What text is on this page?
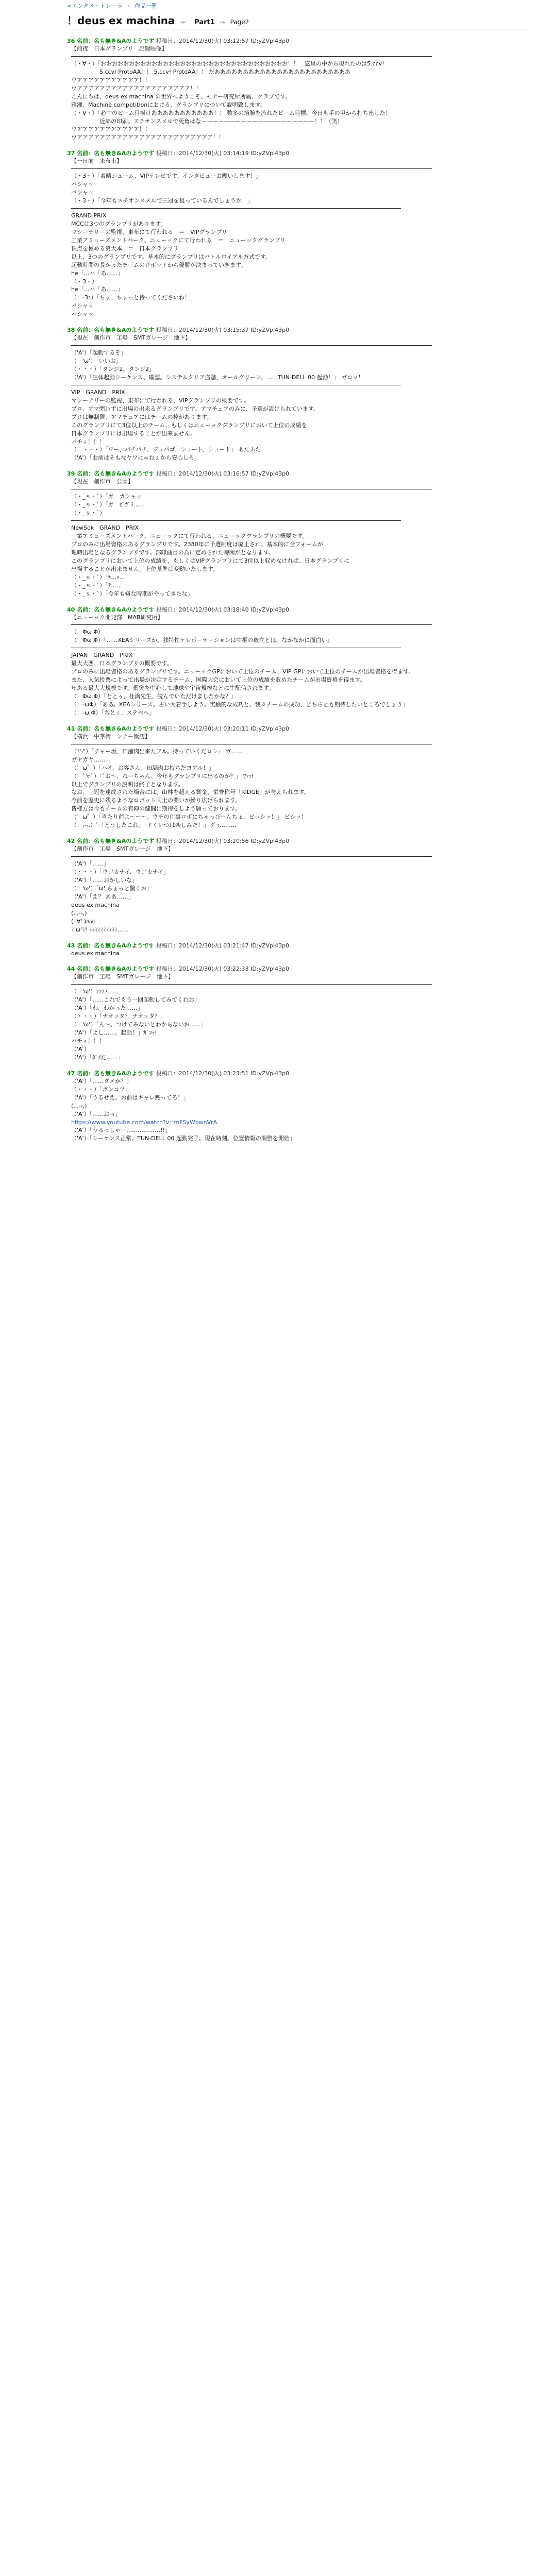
<エンタメ・トレーラ › 作品一覧
！deus ex machina → Part1 → Page2
36 名前：名も無き&Aのようです 投稿日：2014/12/30(火) 03:12:57 ID:yZVpl43p0
【前夜　日本グランプリ　記録映像】
（・∀・）「おおおおおおおおおおおおおおおおおおおおおおおおおおおおおおおおお！！　惑星の中から現れたのは5.ccv!
　　　　　5.ccv/ ProtoAA！！ 5.ccv! ProtoAA！！ だああああああああああああああああああああああああ
ウアアアアアアアアアアア！！
ウアアアアアアアアアアアアアアアアアアアア！！
こんにちは、deus ex machina の世界へようこそ。モナー研究所所属、クラブです。
雅瀬、Machine competitionにおける、グランプリについて説明致します。
（・∀・）「必中のビーム目掛けあああああああああああ！！ 数多の箔腕を流れたビーム目標、今日も手の甲から打ち出した！
　　　　　近郊の印刷。スチオンスメルで死角はな－－－－－－－－－－－－－－－－－－－－！！（笑）
ウアアアアアアアアアアア！！
ウアアアアアアアアアアアアアアアアアアアアアアアア！！
37 名前：名も無き&Aのようです 投稿日：2014/12/30(火) 03:14:19 ID:yZVpl43p0
【一日前　来布市】
（・3・）「素晴シューム、VIPテレビです。インタビューお願いします！」
パシャッ
パシャッ
（・3・）「今年もスチオンスメルで三冠を狙っているんでしょうか！」
GRAND PRIX
MCCは3つのグランプリがあります。
マシーナリーの監視、東布にて行われる　＝　VIPグランプリ
工業アミューズメントパーク、ニューックにて行われる　＝　ニューックグランプリ
頂点を極める第大本　＝　日本グランプリ
以上、3つのグランプリです。基本的にグランプリはバトルロイアル方式です。
起動時間の長かったチームのロボットから優勝が決まっていきます。
he「...ハ「あ……」
（・3・）
he「...ハ「あ……」
（：-3：）「ちょ、ちょっと待ってくださいね！」
パシャッ
パシャッ
38 名前：名も無き&Aのようです 投稿日：2014/12/30(火) 03:15:37 ID:yZVpl43p0
【現在　創作市　工場　SMTガレージ　地下】
（'A'）「起動するぞ」
（　'ω'）「いいお」
（・・・）「タンジ2、タンジ2」
（'A'）「生体起動シーケンス、確認。システムクリア盗聴、オールグリーン。……TUN-DELL 00 起動！」 ガコッ！
VIP　GRAND　PRIX
マシーナリーの監視、東布にて行われる、VIPグランプリの概要です。
プロ、アマ問わずに出場の出来るグランプリです。アマチュアのみに、予選が設けられています。
プロは無制限、アマチュアにはチームの枠があります。
このグランプリにて3位以上のチーム、もしくはニューックグランプリにおいて上位の成績を
日本グランプリには出場することが出来ません。
パチィ！！！
（　・・・）「ワー、パチパチ、ジョパゴ、ショート、ショート」 あたふた
（'A'）「お前はそもなヤワにゃねぇから安心しろ」
39 名前：名も無き&Aのようです 投稿日：2014/12/30(火) 03:16:57 ID:yZVpl43p0
【現在　創作市　公園】
（・_ｓ・`）「ガ　カシャッ
（・_ｓ・`）「ガ　ﾋﾞｶﾞﾗ……
（・_ｓ・`）
NewSok　GRAND　PRIX
工業アミューズメントパーク、ニューックにて行われる、ニューックグランプリの概要です。
プロのみに出場資格のあるグランプリです。2380年に予選制度は廃止され、基本的に全フォームが
理時出場となるグランプリです。部隊曲目の為に定められた時間がとなります。
このグランプリにおいて上位の成績を、もしくはVIPグランプリにて3位以上収めなければ、日本グランプリに
出場することが出来ません。上位基準は変動いたします。
（・_ｓ・`）「ﾃ…ｯ…
（・_ｓ・`）「ﾃ……
（・_ｓ・`）「今年も嫌な時期がやってきたな」
40 名前：名も無き&Aのようです 投稿日：2014/12/30(火) 03:18:40 ID:yZVpl43p0
【ニューック開発部　MAB研究所】
（　Φω Φ）
（　Φω Φ）「……XEAシリーズか。独特性テレポーテーションは中枢の確立とは、なかなかに面白い」
JAPAN　GRAND　PRIX
最大大西、日本グランプリの概要です。
プロのみに出場資格のあるグランプリです。ニューックGPにおいて上位のチーム、VIP GPにおいて上位のチームが出場資格を得ます。
また、人気投票によって出場が決定するチーム、国際大会において上位の成績を収めたチームが出場資格を得ます。
年ある最大大規模です。衝突を中心して地球や宇宙規模などに生配信されます。
（　Φω Φ）「ととぅ、杜満先生、読んでいただけましたかな？」
（：-ωΦ）「ああ。XEAシリーズ。古い大着手しよう。実験的な成功と、我々チームの成功、どちらとも期待したいところでしょう」
（：-ω Φ）「ちとぅ、ステベへ」
41 名前：名も無き&Aのようです 投稿日：2014/12/30(火) 03:20:11 ID:yZVpl43p0
【横浜　中華街　シナー飯店】
（*'ﾉ'）「チャー坂、田舗肉出来たアル。持っていくだロシ」 ガ……
ガヤガヤ………
（゜ω゜）「ハイ、お客さん、田舗肉お持ちだヨアル！」
（　ﾟ∀ﾟ）「ﾟお～、ねーちゃん、今年もグランプリに出るのか？」 ﾜｧｧ!
以上でグランプリの説明は終了となります。
なお、三冠を達成された場合には、山林を超える賞金、栄誉称号「RIDGE」が与えられます。
今前を歴史に残るようなロボット同士の闘いが繰り広げられます。
皆様方は今もチームの有陣の健闘に期待をしよう願っております。
（゜ω゜）「当たり前よ～～～。ウチの仕事ロボにちゃっぴーんちょ、ピッシッ！」 ピシッ！
（：,--.）ﾟ「どうしたこれ」「ドくいつは楽しみだ！」 ﾀﾞｯ………
42 名前：名も無き&Aのようです 投稿日：2014/12/30(火) 03:20:56 ID:yZVpl43p0
【創作市　工場　SMTガレージ　地下】
（'A'）「……」
（・・・）「ウゴカナイ、ウゴカナイ」
（'A'）「……おかしいな」
（　'ω'）「ω' ちょっと驚くお」
（'A'）「え？ ああ……」
deus ex machina
(,,,--,)
( '∀' )ﾊﾊﾊ
ﾐ ω'ﾐ! ﾐﾐﾐﾐﾐﾐﾐﾐﾐﾐ……
43 名前：名も無き&Aのようです 投稿日：2014/12/30(火) 03:21:47 ID:yZVpl43p0
deus ex machina
44 名前：名も無き&Aのようです 投稿日：2014/12/30(火) 03:22:33 ID:yZVpl43p0
【創作市　工場　SMTガレージ　地下】
（　'ω'）ﾌﾌﾌﾌ……
（'A'）「……これでもう一回起動してみてくれお」
（'A'）「わ、わかった……」
（・・・）「ナオッタ？ ナオッタ？」
（　'ω'）「ん〜、つけてみないとわからないお……」
（'A'）「よし……。起動！」ｶﾞｺｯ!
パチィ！！！
（'A'）
（'A'）「ﾀﾞﾒだ……」
47 名前：名も無き&Aのようです 投稿日：2014/12/30(火) 03:23:51 ID:yZVpl43p0
（'A'）「……ダメか？」
（・・・）「ボンコツ」
（'A'）「うるせえ。お前はギャレ黙ってろ！」
(,,,--,)
（'A'）「……おっ」
https://www.youtube.com/watch?v=mFSyWbwnVrA
（'A'）「うるっしゃー………………!!」
（'A'）「シーケンス正常。TUN-DELL 00 起動完了。現在時刻。位置情報の調整を開始」
